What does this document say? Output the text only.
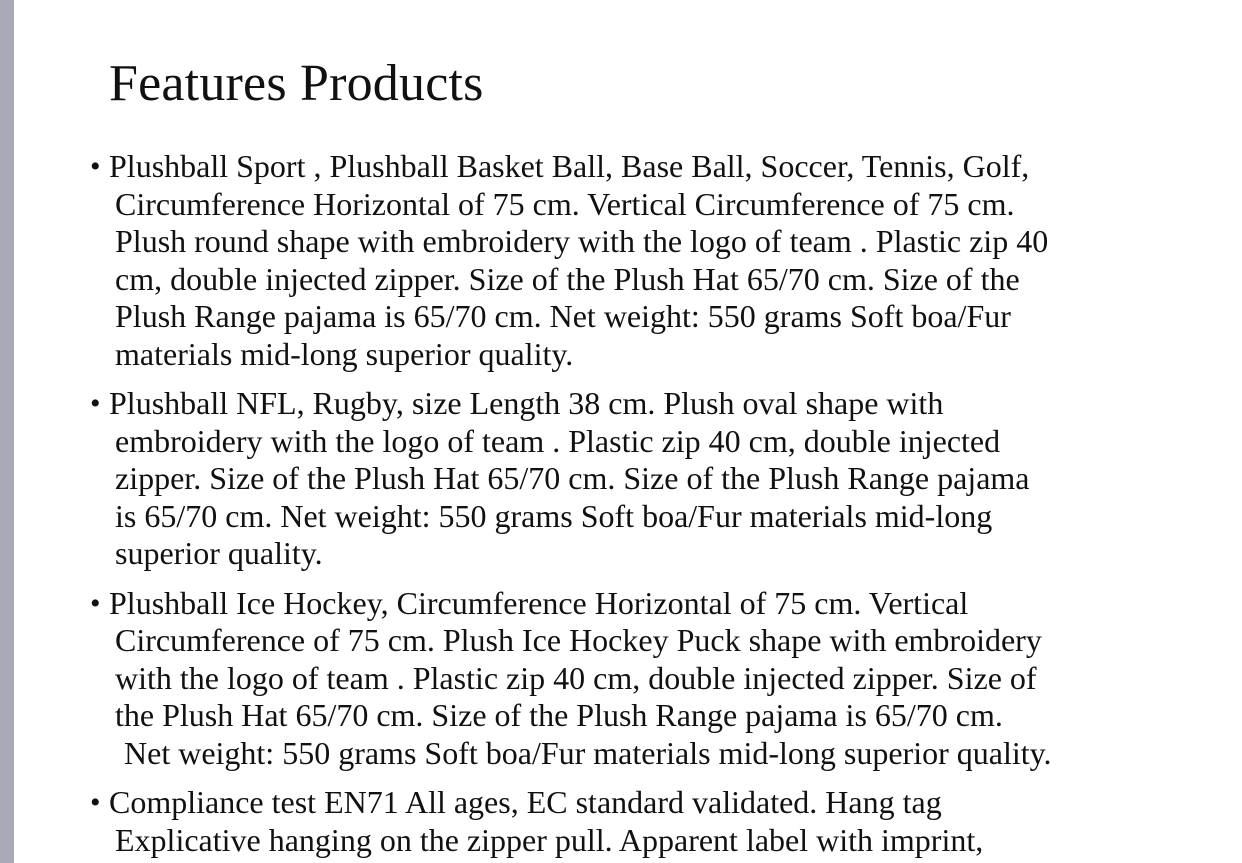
Features Products
• Plushball Sport , Plushball Basket Ball, Base Ball, Soccer, Tennis, Golf,
Circumference Horizontal of 75 cm. Vertical Circumference of 75 cm.
Plush round shape with embroidery with the logo of team . Plastic zip 40
cm, double injected zipper. Size of the Plush Hat 65/70 cm. Size of the
Plush Range pajama is 65/70 cm. Net weight: 550 grams Soft boa/Fur
materials mid-long superior quality.

• Plushball NFL, Rugby, size Length 38 cm. Plush oval shape with
embroidery with the logo of team . Plastic zip 40 cm, double injected
zipper. Size of the Plush Hat 65/70 cm. Size of the Plush Range pajama
is 65/70 cm. Net weight: 550 grams Soft boa/Fur materials mid-long
superior quality.

• Plushball Ice Hockey, Circumference Horizontal of 75 cm. Vertical
Circumference of 75 cm. Plush Ice Hockey Puck shape with embroidery
with the logo of team . Plastic zip 40 cm, double injected zipper. Size of
the Plush Hat 65/70 cm. Size of the Plush Range pajama is 65/70 cm.
Net weight: 550 grams Soft boa/Fur materials mid-long superior quality.

• Compliance test EN71 All ages, EC standard validated. Hang tag
Explicative hanging on the zipper pull. Apparent label with imprint,
